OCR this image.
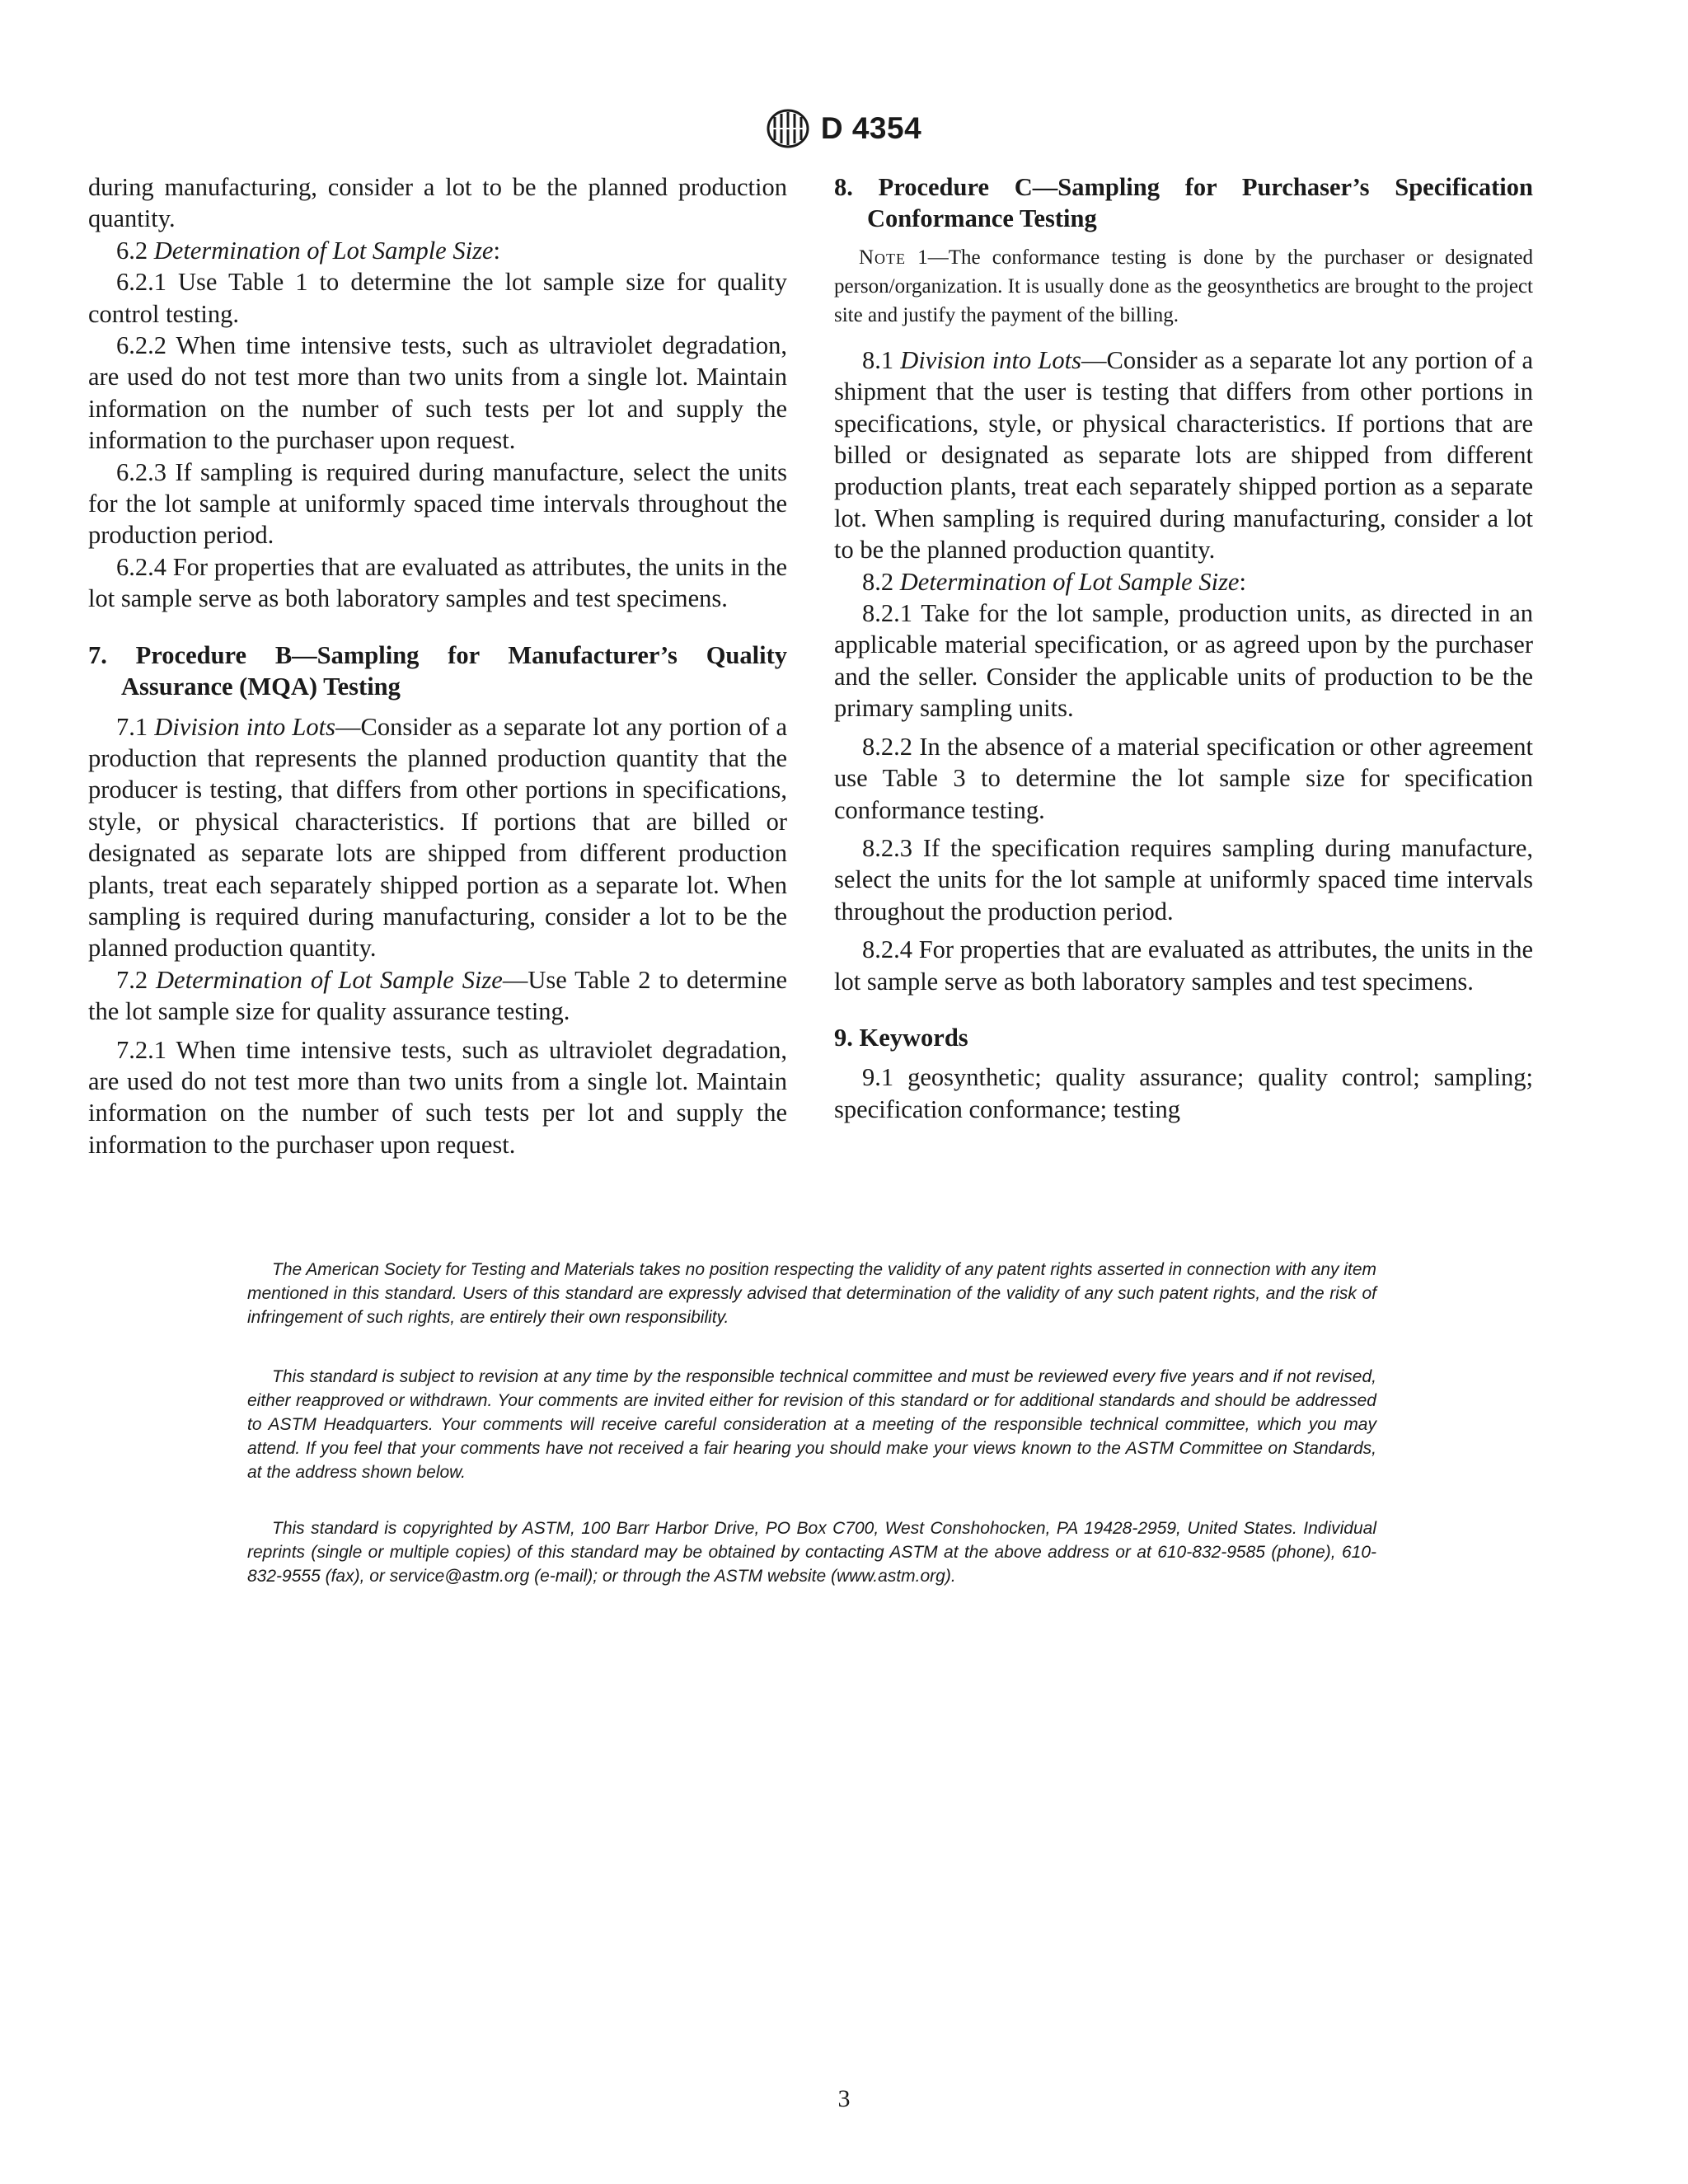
D 4354

during manufacturing, consider a lot to be the planned production quantity.

6.2 Determination of Lot Sample Size:

6.2.1 Use Table 1 to determine the lot sample size for quality control testing.

6.2.2 When time intensive tests, such as ultraviolet degradation, are used do not test more than two units from a single lot. Maintain information on the number of such tests per lot and supply the information to the purchaser upon request.

6.2.3 If sampling is required during manufacture, select the units for the lot sample at uniformly spaced time intervals throughout the production period.

6.2.4 For properties that are evaluated as attributes, the units in the lot sample serve as both laboratory samples and test specimens.

7. Procedure B—Sampling for Manufacturer’s Quality Assurance (MQA) Testing

7.1 Division into Lots—Consider as a separate lot any portion of a production that represents the planned production quantity that the producer is testing, that differs from other portions in specifications, style, or physical characteristics. If portions that are billed or designated as separate lots are shipped from different production plants, treat each separately shipped portion as a separate lot. When sampling is required during manufacturing, consider a lot to be the planned production quantity.

7.2 Determination of Lot Sample Size—Use Table 2 to determine the lot sample size for quality assurance testing.

7.2.1 When time intensive tests, such as ultraviolet degradation, are used do not test more than two units from a single lot. Maintain information on the number of such tests per lot and supply the information to the purchaser upon request.

8. Procedure C—Sampling for Purchaser’s Specification Conformance Testing

Note 1—The conformance testing is done by the purchaser or designated person/organization. It is usually done as the geosynthetics are brought to the project site and justify the payment of the billing.

8.1 Division into Lots—Consider as a separate lot any portion of a shipment that the user is testing that differs from other portions in specifications, style, or physical characteristics. If portions that are billed or designated as separate lots are shipped from different production plants, treat each separately shipped portion as a separate lot. When sampling is required during manufacturing, consider a lot to be the planned production quantity.

8.2 Determination of Lot Sample Size:

8.2.1 Take for the lot sample, production units, as directed in an applicable material specification, or as agreed upon by the purchaser and the seller. Consider the applicable units of production to be the primary sampling units.

8.2.2 In the absence of a material specification or other agreement use Table 3 to determine the lot sample size for specification conformance testing.

8.2.3 If the specification requires sampling during manufacture, select the units for the lot sample at uniformly spaced time intervals throughout the production period.

8.2.4 For properties that are evaluated as attributes, the units in the lot sample serve as both laboratory samples and test specimens.

9. Keywords

9.1 geosynthetic; quality assurance; quality control; sampling; specification conformance; testing

The American Society for Testing and Materials takes no position respecting the validity of any patent rights asserted in connection with any item mentioned in this standard. Users of this standard are expressly advised that determination of the validity of any such patent rights, and the risk of infringement of such rights, are entirely their own responsibility.

This standard is subject to revision at any time by the responsible technical committee and must be reviewed every five years and if not revised, either reapproved or withdrawn. Your comments are invited either for revision of this standard or for additional standards and should be addressed to ASTM Headquarters. Your comments will receive careful consideration at a meeting of the responsible technical committee, which you may attend. If you feel that your comments have not received a fair hearing you should make your views known to the ASTM Committee on Standards, at the address shown below.

This standard is copyrighted by ASTM, 100 Barr Harbor Drive, PO Box C700, West Conshohocken, PA 19428-2959, United States. Individual reprints (single or multiple copies) of this standard may be obtained by contacting ASTM at the above address or at 610-832-9585 (phone), 610-832-9555 (fax), or service@astm.org (e-mail); or through the ASTM website (www.astm.org).

3
